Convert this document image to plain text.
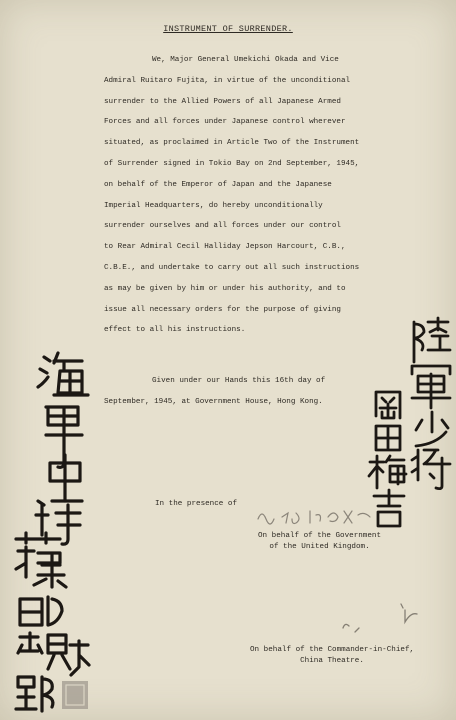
INSTRUMENT OF SURRENDER.
We, Major General Umekichi Okada and Vice
Admiral Ruitaro Fujita, in virtue of the unconditional
surrender to the Allied Powers of all Japanese Armed
Forces and all forces under Japanese control wherever
situated, as proclaimed in Article Two of the Instrument
of Surrender signed in Tokio Bay on 2nd September, 1945,
on behalf of the Emperor of Japan and the Japanese
Imperial Headquarters, do hereby unconditionally
surrender ourselves and all forces under our control
to Rear Admiral Cecil Halliday Jepson Harcourt, C.B.,
C.B.E., and undertake to carry out all such instructions
as may be given by him or under his authority, and to
issue all necessary orders for the purpose of giving
effect to all his instructions.
Given under our Hands this 16th day of
September, 1945, at Government House, Hong Kong.
In the presence of
On behalf of the Government
of the United Kingdom.
On behalf of the Commander-in-Chief,
China Theatre.
